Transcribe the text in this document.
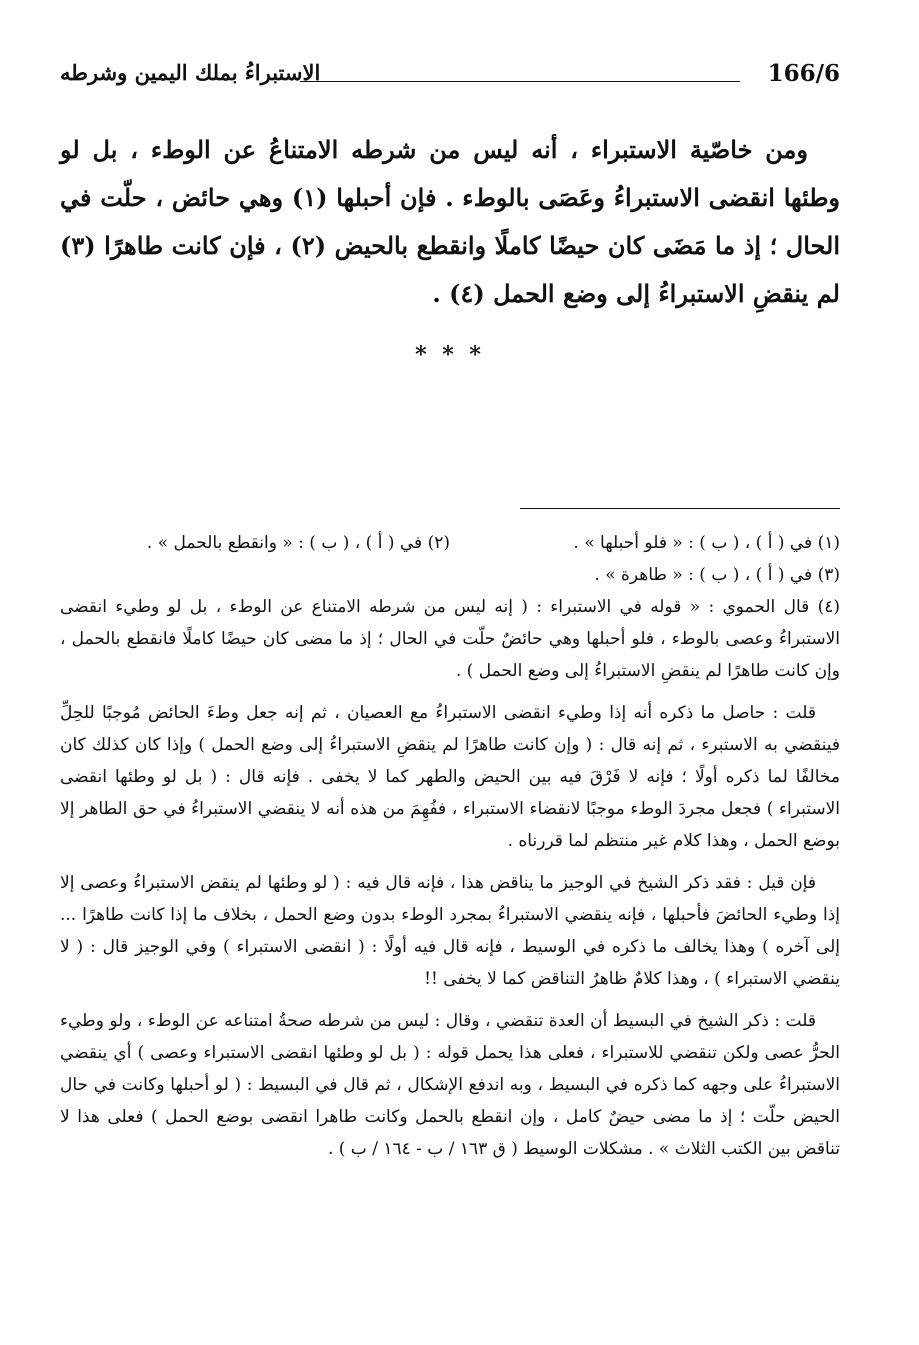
166/6
الاستبراءُ بملك اليمين وشرطه

ومن خاصّية الاستبراء ، أنه ليس من شرطه الامتناعُ عن الوطء ، بل لو وطئها انقضى الاستبراءُ وعَصَى بالوطء . فإن أحبلها (١) وهي حائض ، حلّت في الحال ؛ إذ ما مَضَى كان حيضًا كاملًا وانقطع بالحيض (٢) ، فإن كانت طاهرًا (٣) لم ينقضِ الاستبراءُ إلى وضع الحمل (٤) .

* * *
(١) في ( أ ) ، ( ب ) : « فلو أحبلها » .
(٢) في ( أ ) ، ( ب ) : « وانقطع بالحمل » .
(٣) في ( أ ) ، ( ب ) : « طاهرة » .
(٤) قال الحموي : « قوله في الاستبراء : ( إنه ليس من شرطه الامتناع عن الوطء ، بل لو وطيء انقضى الاستبراءُ وعصى بالوطء ، فلو أحبلها وهي حائضٌ حلّت في الحال ؛ إذ ما مضى كان حيضًا كاملًا فانقطع بالحمل ، وإن كانت طاهرًا لم ينقضِ الاستبراءُ إلى وضع الحمل ) .
قلت : حاصل ما ذكره أنه إذا وطيء انقضى الاستبراءُ مع العصيان ، ثم إنه جعل وطءَ الحائض مُوجبًا للحِلِّ فينقضي به الاستبرء ، ثم إنه قال : ( وإن كانت طاهرًا لم ينقضِ الاستبراءُ إلى وضع الحمل ) وإذا كان كذلك كان مخالفًا لما ذكره أولًا ؛ فإنه لا فَرْقَ فيه بين الحيض والطهر كما لا يخفى . فإنه قال : ( بل لو وطئها انقضى الاستبراء ) فجعل مجردَ الوطء موجبًا لانقضاء الاستبراء ، ففُهِمَ من هذه أنه لا ينقضي الاستبراءُ في حق الطاهر إلا بوضع الحمل ، وهذا كلام غير منتظم لما قررناه .
فإن قيل : فقد ذكر الشيخ في الوجيز ما يناقض هذا ، فإنه قال فيه : ( لو وطئها لم ينقض الاستبراءُ وعصى إلا إذا وطيء الحائضَ فأحبلها ، فإنه ينقضي الاستبراءُ بمجرد الوطء بدون وضع الحمل ، بخلاف ما إذا كانت طاهرًا ... إلى آخره ) وهذا يخالف ما ذكره في الوسيط ، فإنه قال فيه أولًا : ( انقضى الاستبراء ) وفي الوجيز قال : ( لا ينقضي الاستبراء ) ، وهذا كلامٌ ظاهرُ التناقض كما لا يخفى !!
قلت : ذكر الشيخ في البسيط أن العدة تنقضي ، وقال : ليس من شرطه صحةُ امتناعه عن الوطء ، ولو وطيء الحرُّ عصى ولكن تنقضي للاستبراء ، فعلى هذا يحمل قوله : ( بل لو وطئها انقضى الاستبراء وعصى ) أي ينقضي الاستبراءُ على وجهه كما ذكره في البسيط ، وبه اندفع الإشكال ، ثم قال في البسيط : ( لو أحبلها وكانت في حال الحيض حلّت ؛ إذ ما مضى حيضٌ كامل ، وإن انقطع بالحمل وكانت طاهرا انقضى بوضع الحمل ) فعلى هذا لا تناقض بين الكتب الثلاث » . مشكلات الوسيط ( ق ١٦٣ / ب - ١٦٤ / ب ) .
